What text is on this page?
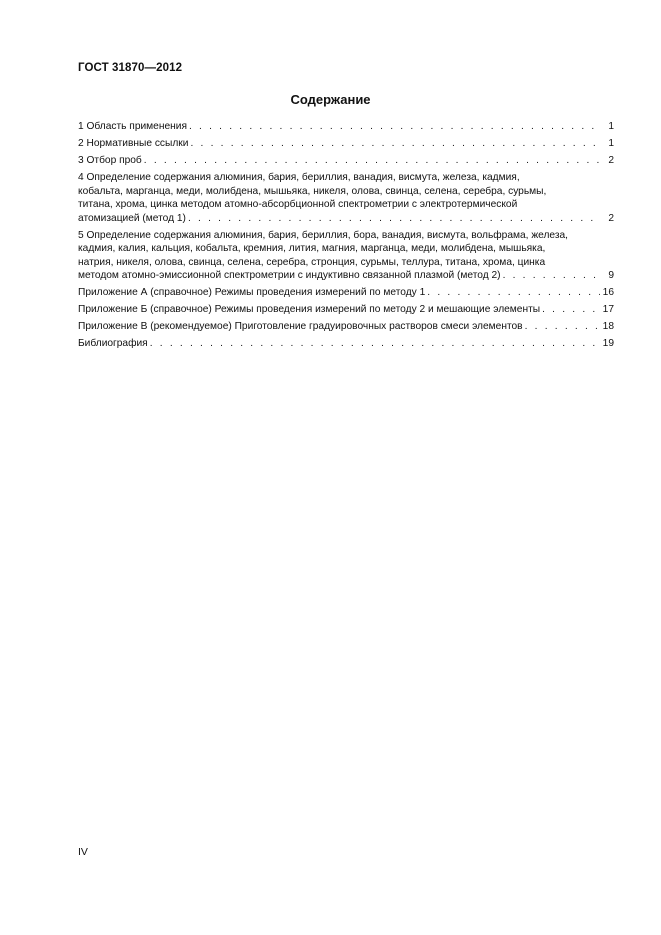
ГОСТ 31870—2012
Содержание
1 Область применения . . .	1
2 Нормативные ссылки . . .	1
3 Отбор проб . . .	2
4 Определение содержания алюминия, бария, бериллия, ванадия, висмута, железа, кадмия,
кобальта, марганца, меди, молибдена, мышьяка, никеля, олова, свинца, селена, серебра, сурьмы,
титана, хрома, цинка методом атомно-абсорбционной спектрометрии с электротермической
атомизацией (метод 1) . . .	2
5 Определение содержания алюминия, бария, бериллия, бора, ванадия, висмута, вольфрама, железа,
кадмия, калия, кальция, кобальта, кремния, лития, магния, марганца, меди, молибдена, мышьяка,
натрия, никеля, олова, свинца, селена, серебра, стронция, сурьмы, теллура, титана, хрома, цинка
методом атомно-эмиссионной спектрометрии с индуктивно связанной плазмой (метод 2) . . .	9
Приложение А (справочное) Режимы проведения измерений по методу 1 . . .	16
Приложение Б (справочное) Режимы проведения измерений по методу 2 и мешающие элементы . . .	17
Приложение В (рекомендуемое) Приготовление градуировочных растворов смеси элементов . . .	18
Библиография . . .	19
IV
